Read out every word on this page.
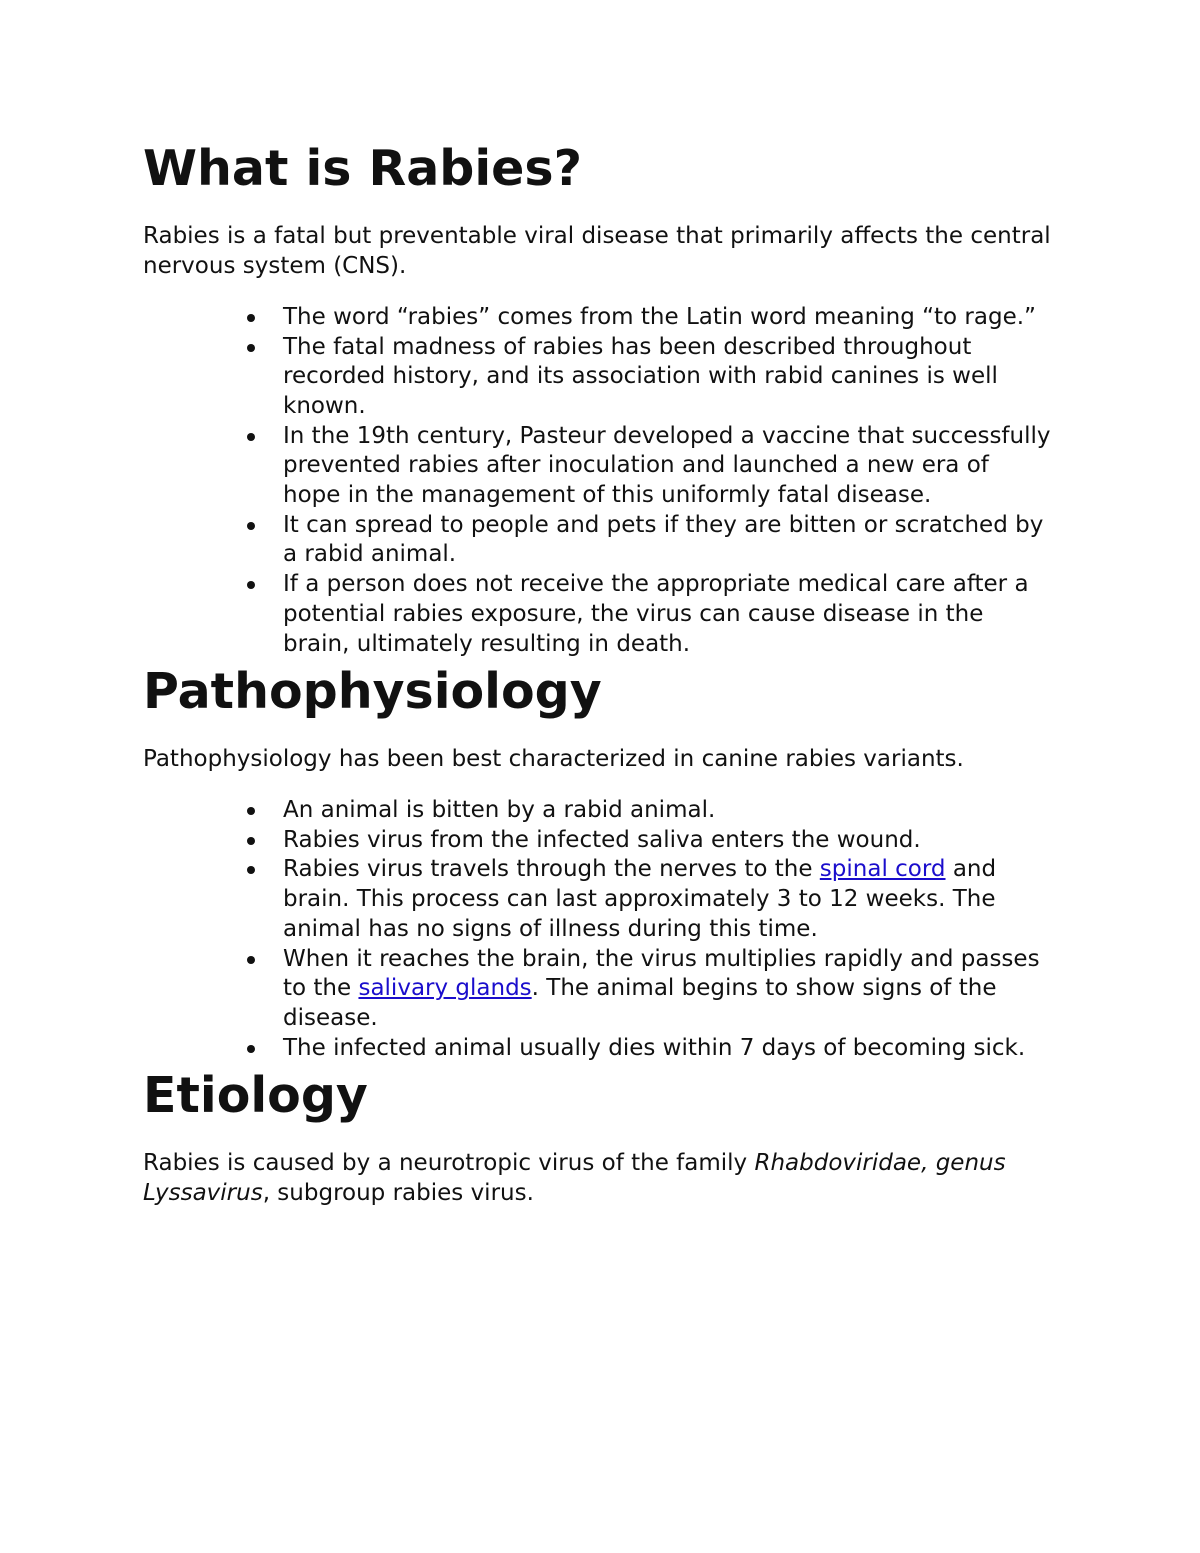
What is Rabies?

Rabies is a fatal but preventable viral disease that primarily affects the central nervous system (CNS).

The word “rabies” comes from the Latin word meaning “to rage.”
The fatal madness of rabies has been described throughout recorded history, and its association with rabid canines is well known.
In the 19th century, Pasteur developed a vaccine that successfully prevented rabies after inoculation and launched a new era of hope in the management of this uniformly fatal disease.
It can spread to people and pets if they are bitten or scratched by a rabid animal.
If a person does not receive the appropriate medical care after a potential rabies exposure, the virus can cause disease in the brain, ultimately resulting in death.
Pathophysiology

Pathophysiology has been best characterized in canine rabies variants.

An animal is bitten by a rabid animal.
Rabies virus from the infected saliva enters the wound.
Rabies virus travels through the nerves to the spinal cord and brain. This process can last approximately 3 to 12 weeks. The animal has no signs of illness during this time.
When it reaches the brain, the virus multiplies rapidly and passes to the salivary glands. The animal begins to show signs of the disease.
The infected animal usually dies within 7 days of becoming sick.
Etiology

Rabies is caused by a neurotropic virus of the family Rhabdoviridae, genus Lyssavirus, subgroup rabies virus.
